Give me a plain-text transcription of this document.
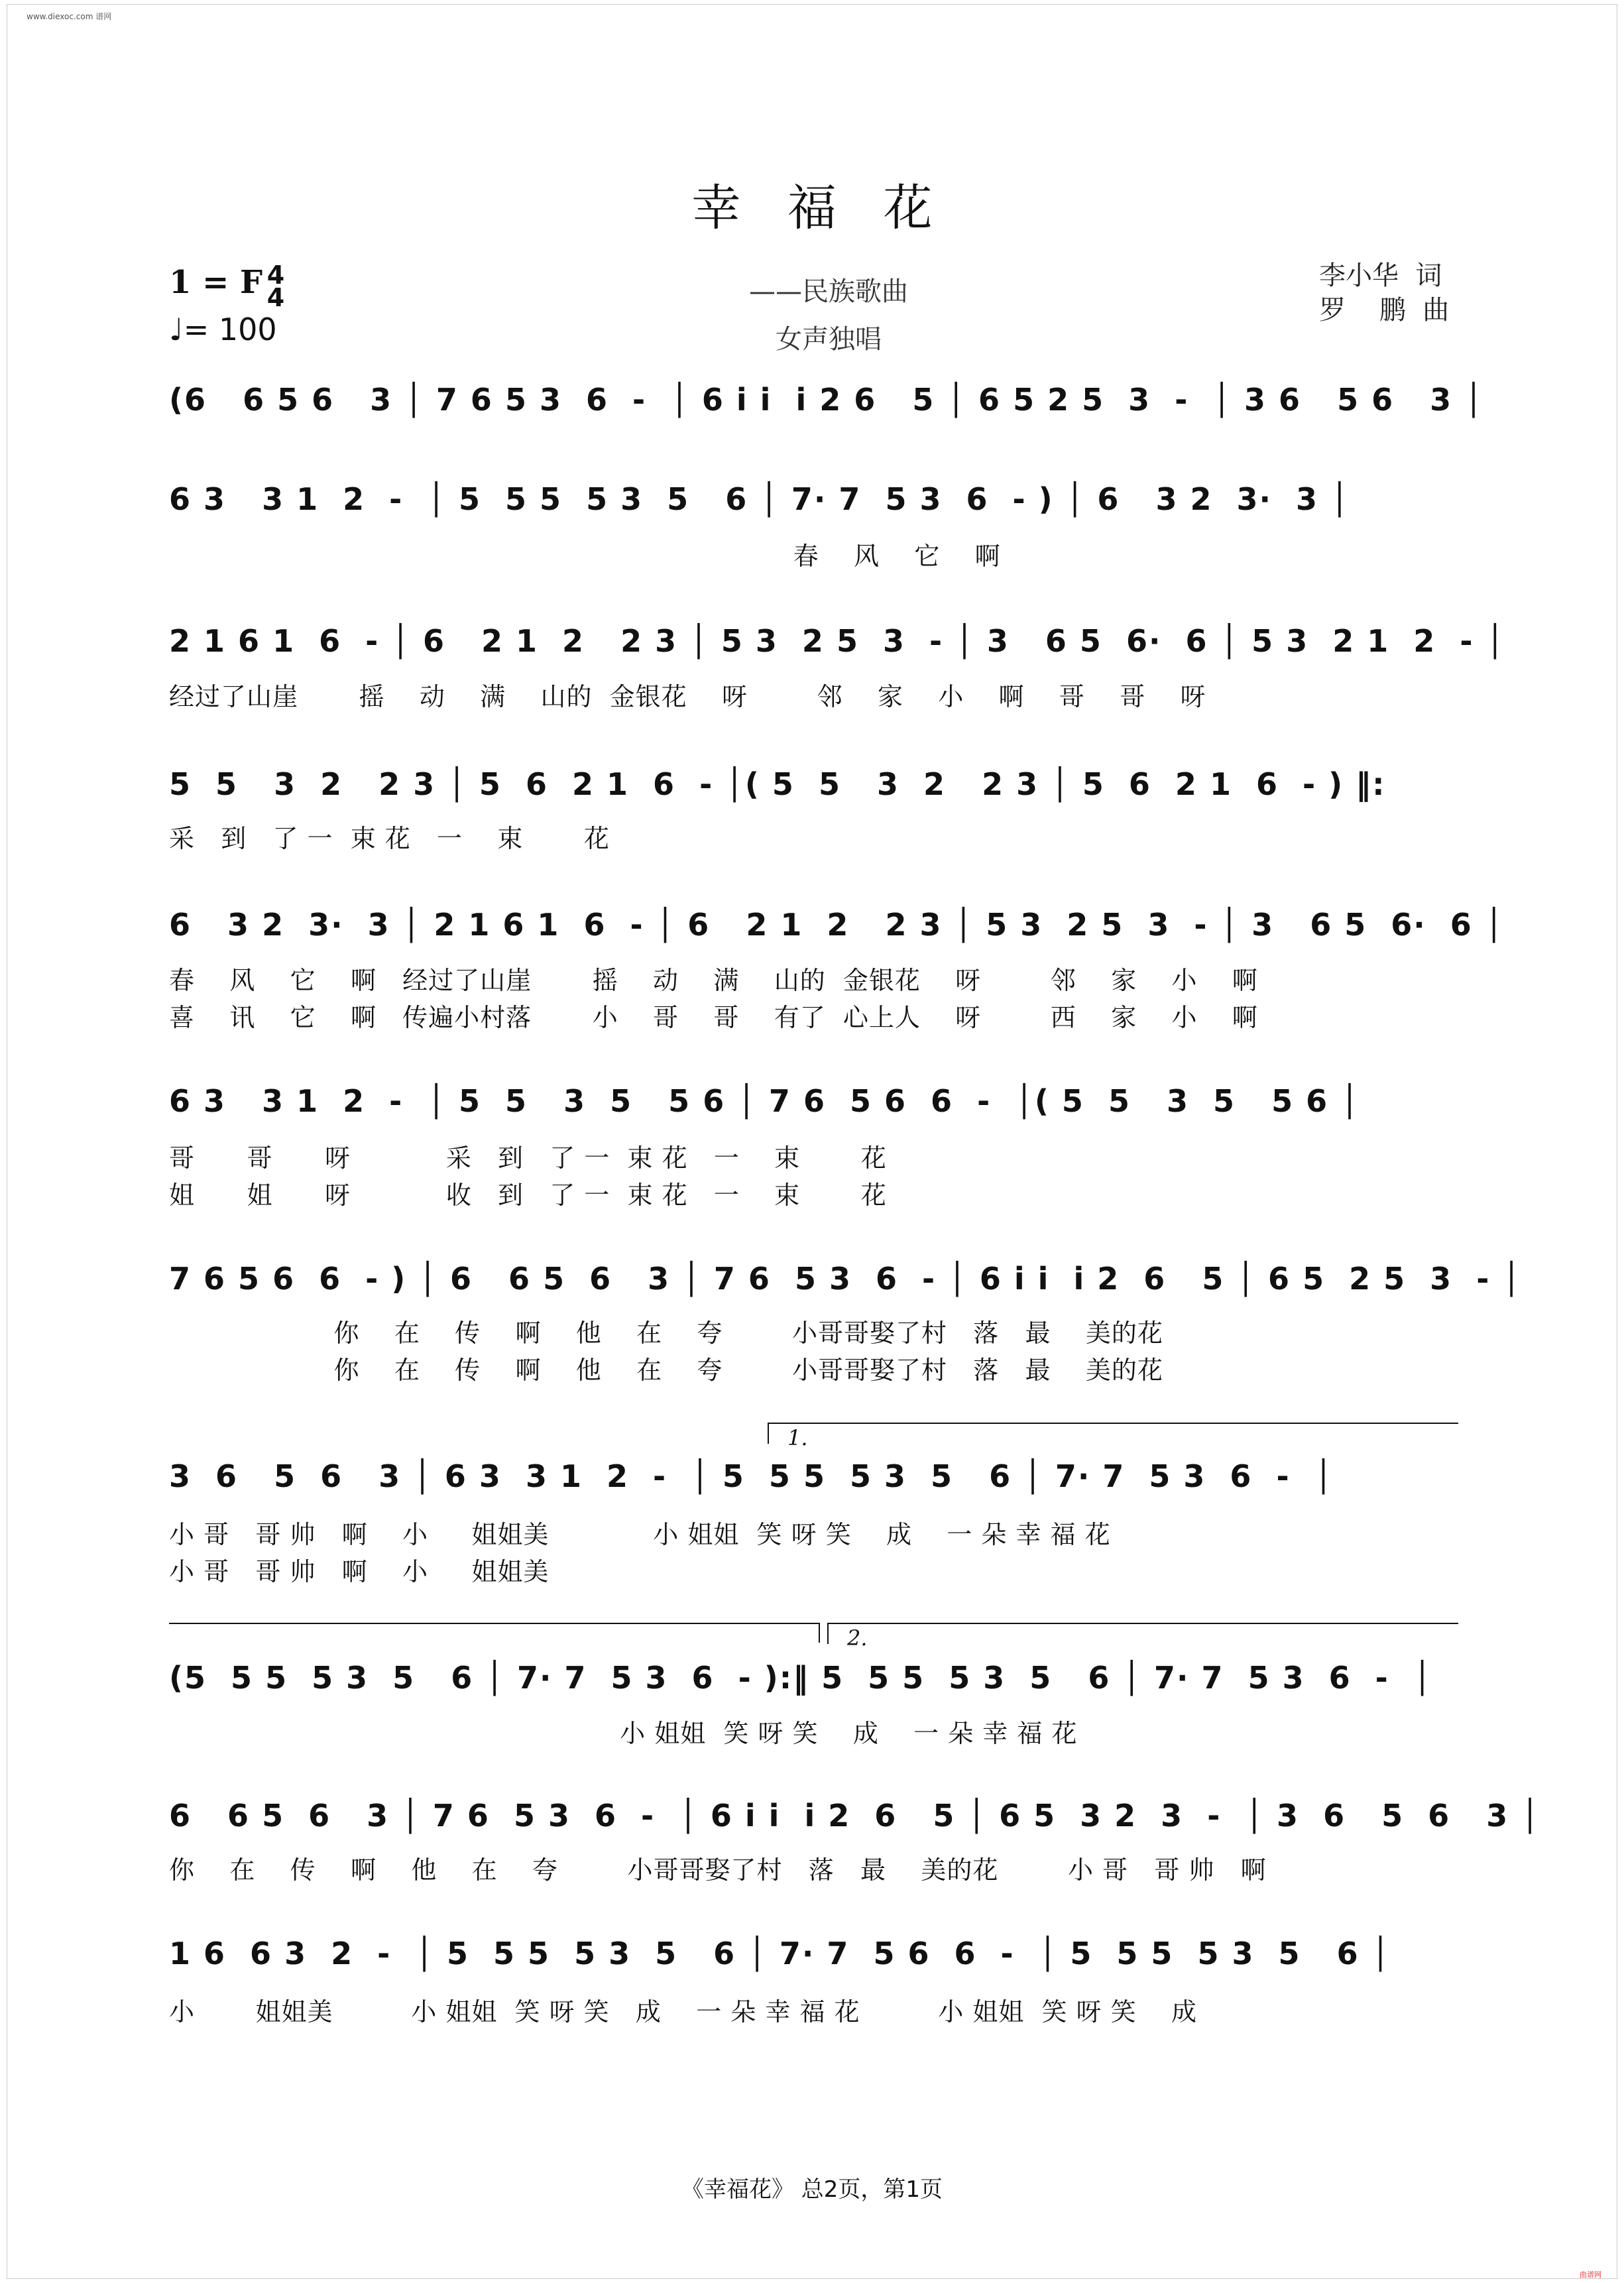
www.diexoc.com 谱网
幸   福   花
1 = F 4
4
♩= 100
——民族歌曲
女声独唱
李小华  词
罗    鹏  曲
(6   6 5 6   3 │ 7 6 5 3  6  -  │ 6 i i  i 2 6   5 │ 6 5 2 5  3  -  │ 3 6   5 6   3 │
6 3   3 1  2  -  │ 5  5 5  5 3  5   6 │ 7· 7  5 3  6  - ) │ 6   3 2  3·  3 │
春    风    它    啊
2 1 6 1  6  - │ 6   2 1  2   2 3 │ 5 3  2 5  3  - │ 3   6 5  6·  6 │ 5 3  2 1  2  - │
经过了山崖       摇    动    满    山的  金银花    呀        邻    家    小    啊    哥    哥    呀
5  5   3  2   2 3 │ 5  6  2 1  6  - │( 5  5   3  2   2 3 │ 5  6  2 1  6  - ) ‖:
采   到   了 一  束 花   一    束       花
6   3 2  3·  3 │ 2 1 6 1  6  - │ 6   2 1  2   2 3 │ 5 3  2 5  3  - │ 3   6 5  6·  6 │
春    风    它    啊   经过了山崖       摇    动    满    山的  金银花    呀        邻    家    小    啊
喜    讯    它    啊   传遍小村落       小    哥    哥    有了  心上人    呀        西    家    小    啊
6 3   3 1  2  -  │ 5  5   3  5   5 6 │ 7 6  5 6  6  -  │( 5  5   3  5   5 6 │
哥      哥      呀           采   到   了 一  束 花   一    束       花
姐      姐      呀           收   到   了 一  束 花   一    束       花
7 6 5 6  6  - ) │ 6   6 5  6   3 │ 7 6  5 3  6  - │ 6 i i  i 2  6   5 │ 6 5  2 5  3  - │
你    在    传    啊    他    在    夸        小哥哥娶了村   落   最    美的花
你    在    传    啊    他    在    夸        小哥哥娶了村   落   最    美的花
1.
3  6   5  6   3 │ 6 3  3 1  2  -  │ 5  5 5  5 3  5   6 │ 7· 7  5 3  6  -  │
小 哥   哥 帅   啊    小     姐姐美            小 姐姐  笑 呀 笑    成    一 朵 幸 福 花
小 哥   哥 帅   啊    小     姐姐美
2.
(5  5 5  5 3  5   6 │ 7· 7  5 3  6  - ):‖ 5  5 5  5 3  5   6 │ 7· 7  5 3  6  -  │
小 姐姐  笑 呀 笑    成    一 朵 幸 福 花
6   6 5  6   3 │ 7 6  5 3  6  -  │ 6 i i  i 2  6   5 │ 6 5  3 2  3  -  │ 3  6   5  6   3 │
你    在    传    啊    他    在    夸        小哥哥娶了村   落   最    美的花        小 哥   哥 帅   啊
1 6  6 3  2  -  │ 5  5 5  5 3  5   6 │ 7· 7  5 6  6  -  │ 5  5 5  5 3  5   6 │
小       姐姐美         小 姐姐  笑 呀 笑   成    一 朵 幸 福 花         小 姐姐  笑 呀 笑    成
《幸福花》 总2页，第1页
曲谱网
